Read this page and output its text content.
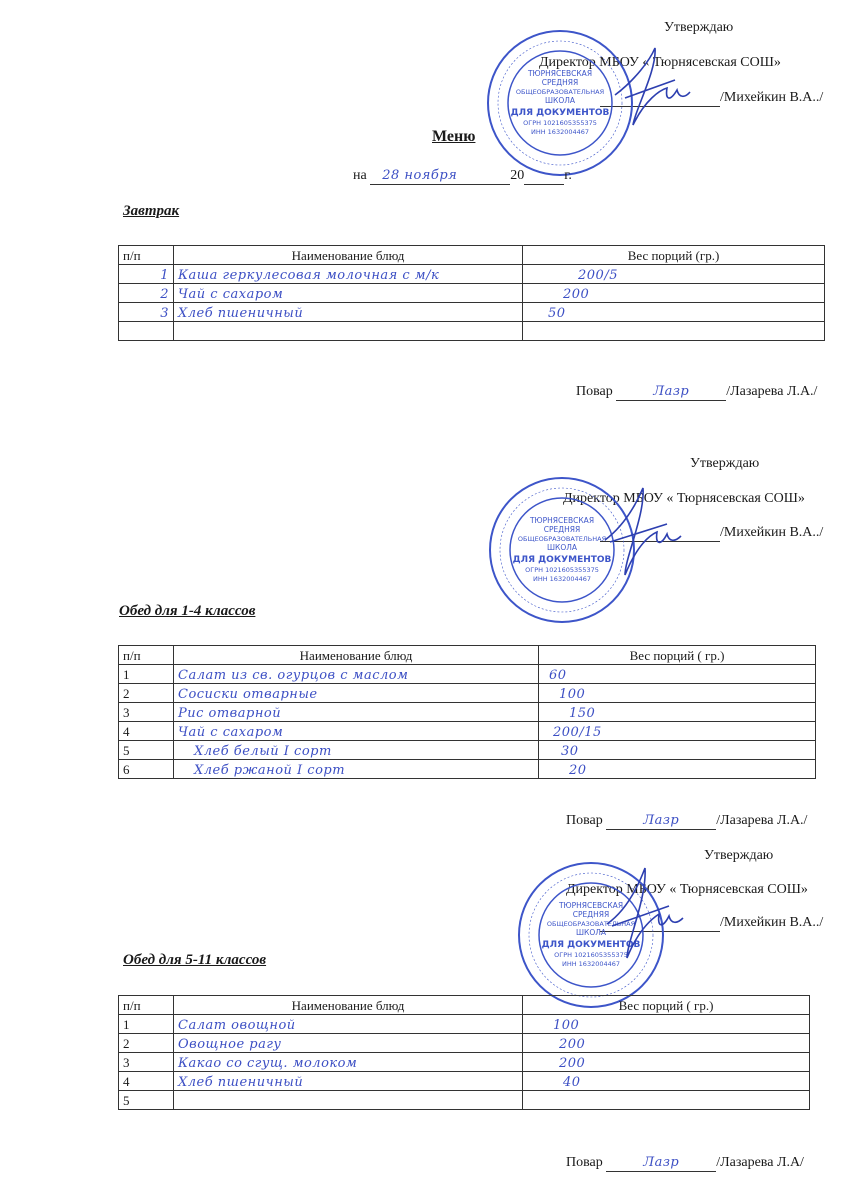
Утверждаю
Директор МБОУ « Тюрнясевская СОШ»
/Михейкин В.А../
ТЮРНЯСЕВСКАЯ
СРЕДНЯЯ
ОБЩЕОБРАЗОВАТЕЛЬНАЯ
ШКОЛА
ДЛЯ ДОКУМЕНТОВ
ОГРН 1021605355375
ИНН 1632004467
Меню
на 28 ноября	20	г.
Завтрак
п/п	Наименование блюд	Вес порций (гр.)
1	Каша геркулесовая молочная с м/к	200/5
2	Чай с сахаром	200
3	Хлеб пшеничный	50

Повар	Лазр	/Лазарева Л.А./
Утверждаю
Директор МБОУ « Тюрнясевская СОШ»
/Михейкин В.А../
ТЮРНЯСЕВСКАЯ
СРЕДНЯЯ
ОБЩЕОБРАЗОВАТЕЛЬНАЯ
ШКОЛА
ДЛЯ ДОКУМЕНТОВ
ОГРН 1021605355375
ИНН 1632004467
Обед для 1-4 классов
п/п	Наименование блюд	Вес порций ( гр.)
1	Салат из св. огурцов с маслом	60
2	Сосиски отварные	100
3	Рис отварной	150
4	Чай с сахаром	200/15
5	Хлеб белый I сорт	30
6	Хлеб ржаной I сорт	20
Повар	Лазр	/Лазарева Л.А./
Утверждаю
Директор МБОУ « Тюрнясевская СОШ»
/Михейкин В.А../
ТЮРНЯСЕВСКАЯ
СРЕДНЯЯ
ОБЩЕОБРАЗОВАТЕЛЬНАЯ
ШКОЛА
ДЛЯ ДОКУМЕНТОВ
ОГРН 1021605355375
ИНН 1632004467
Обед для 5-11 классов
п/п	Наименование блюд	Вес порций ( гр.)
1	Салат овощной	100
2	Овощное рагу	200
3	Какао со сгущ. молоком	200
4	Хлеб пшеничный	40
5		
Повар	Лазр	/Лазарева Л.А/
